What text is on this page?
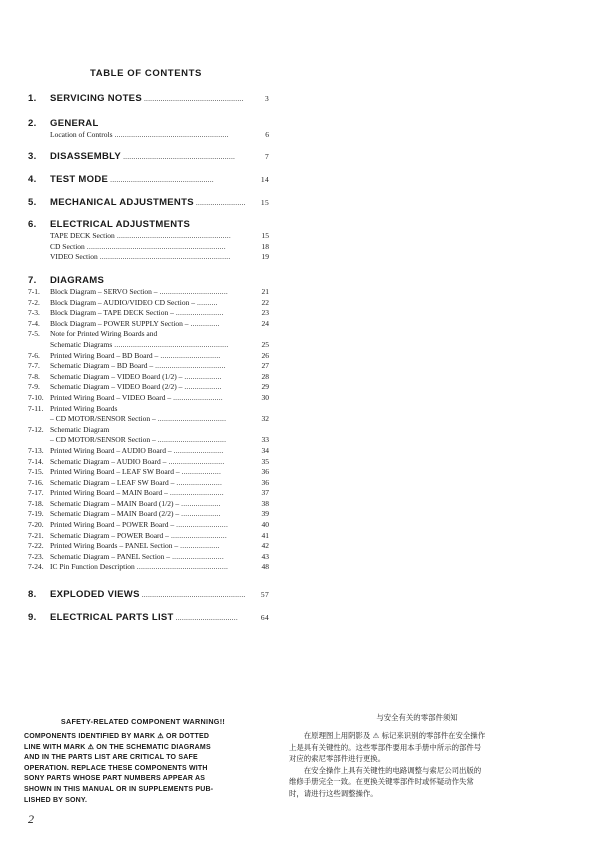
TABLE OF CONTENTS
1.	SERVICING NOTES ................................................	3
2.	GENERAL
Location of Controls .......................................................	6
3.	DISASSEMBLY ......................................................	7
4.	TEST MODE ..................................................	14
5.	MECHANICAL ADJUSTMENTS ........................	15
6.	ELECTRICAL ADJUSTMENTS
TAPE DECK Section .......................................................	15
CD Section ...................................................................	18
VIDEO Section ...............................................................	19
7.	DIAGRAMS
7-1.	Block Diagram – SERVO Section – .................................	21
7-2.	Block Diagram – AUDIO/VIDEO CD Section – ..........	22
7-3.	Block Diagram – TAPE DECK Section – .......................	23
7-4.	Block Diagram – POWER SUPPLY Section – ..............	24
7-5.	Note for Printed Wiring Boards and
Schematic Diagrams .......................................................	25
7-6.	Printed Wiring Board – BD Board – .............................	26
7-7.	Schematic Diagram – BD Board – ..................................	27
7-8.	Schematic Diagram – VIDEO Board (1/2) – ..................	28
7-9.	Schematic Diagram – VIDEO Board (2/2) – ..................	29
7-10. Printed Wiring Board – VIDEO Board – ........................	30
7-11. Printed Wiring Boards
– CD MOTOR/SENSOR Section – .................................	32
7-12. Schematic Diagram
– CD MOTOR/SENSOR Section – .................................	33
7-13. Printed Wiring Board – AUDIO Board – ........................	34
7-14. Schematic Diagram – AUDIO Board – ...........................	35
7-15. Printed Wiring Board – LEAF SW Board – ...................	36
7-16. Schematic Diagram – LEAF SW Board – ......................	36
7-17. Printed Wiring Board – MAIN Board – ..........................	37
7-18. Schematic Diagram – MAIN Board (1/2) – ...................	38
7-19. Schematic Diagram – MAIN Board (2/2) – ...................	39
7-20. Printed Wiring Board – POWER Board – .........................	40
7-21. Schematic Diagram – POWER Board – ...........................	41
7-22. Printed Wiring Boards – PANEL Section – ...................	42
7-23. Schematic Diagram – PANEL Section – .........................	43
7-24. IC Pin Function Description ............................................	48
8.	EXPLODED VIEWS ..................................................	57
9.	ELECTRICAL PARTS LIST ..............................	64
SAFETY-RELATED COMPONENT WARNING!!
COMPONENTS IDENTIFIED BY MARK ⚠ OR DOTTED
LINE WITH MARK ⚠ ON THE SCHEMATIC DIAGRAMS
AND IN THE PARTS LIST ARE CRITICAL TO SAFE
OPERATION. REPLACE THESE COMPONENTS WITH
SONY PARTS WHOSE PART NUMBERS APPEAR AS
SHOWN IN THIS MANUAL OR IN SUPPLEMENTS PUB-
LISHED BY SONY.
与安全有关的零部件须知
　　在原理图上用阴影及 ⚠ 标记来识别的零部件在安全操作
上是具有关键性的。这些零部件要用本手册中所示的部件号
对应的索尼零部件进行更换。
　　在安全操作上具有关键性的电路调整与索尼公司出版的
维修手册完全一致。在更换关键零部件时或怀疑动作失常
时，请进行这些调整操作。
2
